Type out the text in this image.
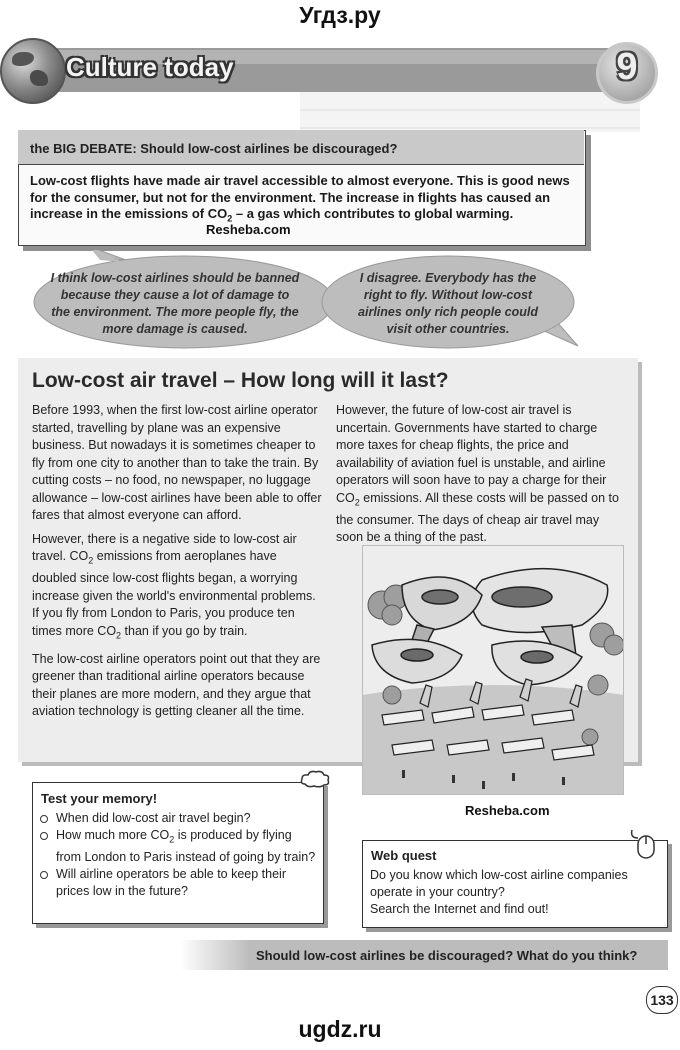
Угдз.ру
Culture today	9
the BIG DEBATE: Should low-cost airlines be discouraged?
Low-cost flights have made air travel accessible to almost everyone. This is good news for the consumer, but not for the environment. The increase in flights has caused an increase in the emissions of $CO_2$ – a gas which contributes to global warming.
Resheba.com
I think low-cost airlines should be banned because they cause a lot of damage to the environment. The more people fly, the more damage is caused.
I disagree. Everybody has the right to fly. Without low-cost airlines only rich people could visit other countries.
Low-cost air travel – How long will it last?

Before 1993, when the first low-cost airline operator started, travelling by plane was an expensive business. But nowadays it is sometimes cheaper to fly from one city to another than to take the train. By cutting costs – no food, no newspaper, no luggage allowance – low-cost airlines have been able to offer fares that almost everyone can afford.

However, there is a negative side to low-cost air travel. $CO_2$ emissions from aeroplanes have doubled since low-cost flights began, a worrying increase given the world's environmental problems. If you fly from London to Paris, you produce ten times more $CO_2$ than if you go by train.

The low-cost airline operators point out that they are greener than traditional airline operators because their planes are more modern, and they argue that aviation technology is getting cleaner all the time.

However, the future of low-cost air travel is uncertain. Governments have started to charge more taxes for cheap flights, the price and availability of aviation fuel is unstable, and airline operators will soon have to pay a charge for their $CO_2$ emissions. All these costs will be passed on to the consumer. The days of cheap air travel may soon be a thing of the past.

Resheba.com
Test your memory!
When did low-cost air travel begin?
How much more $CO_2$ is produced by flying from London to Paris instead of going by train?
Will airline operators be able to keep their prices low in the future?
Web quest
Do you know which low-cost airline companies operate in your country?
Search the Internet and find out!
Should low-cost airlines be discouraged? What do you think?
133
ugdz.ru
